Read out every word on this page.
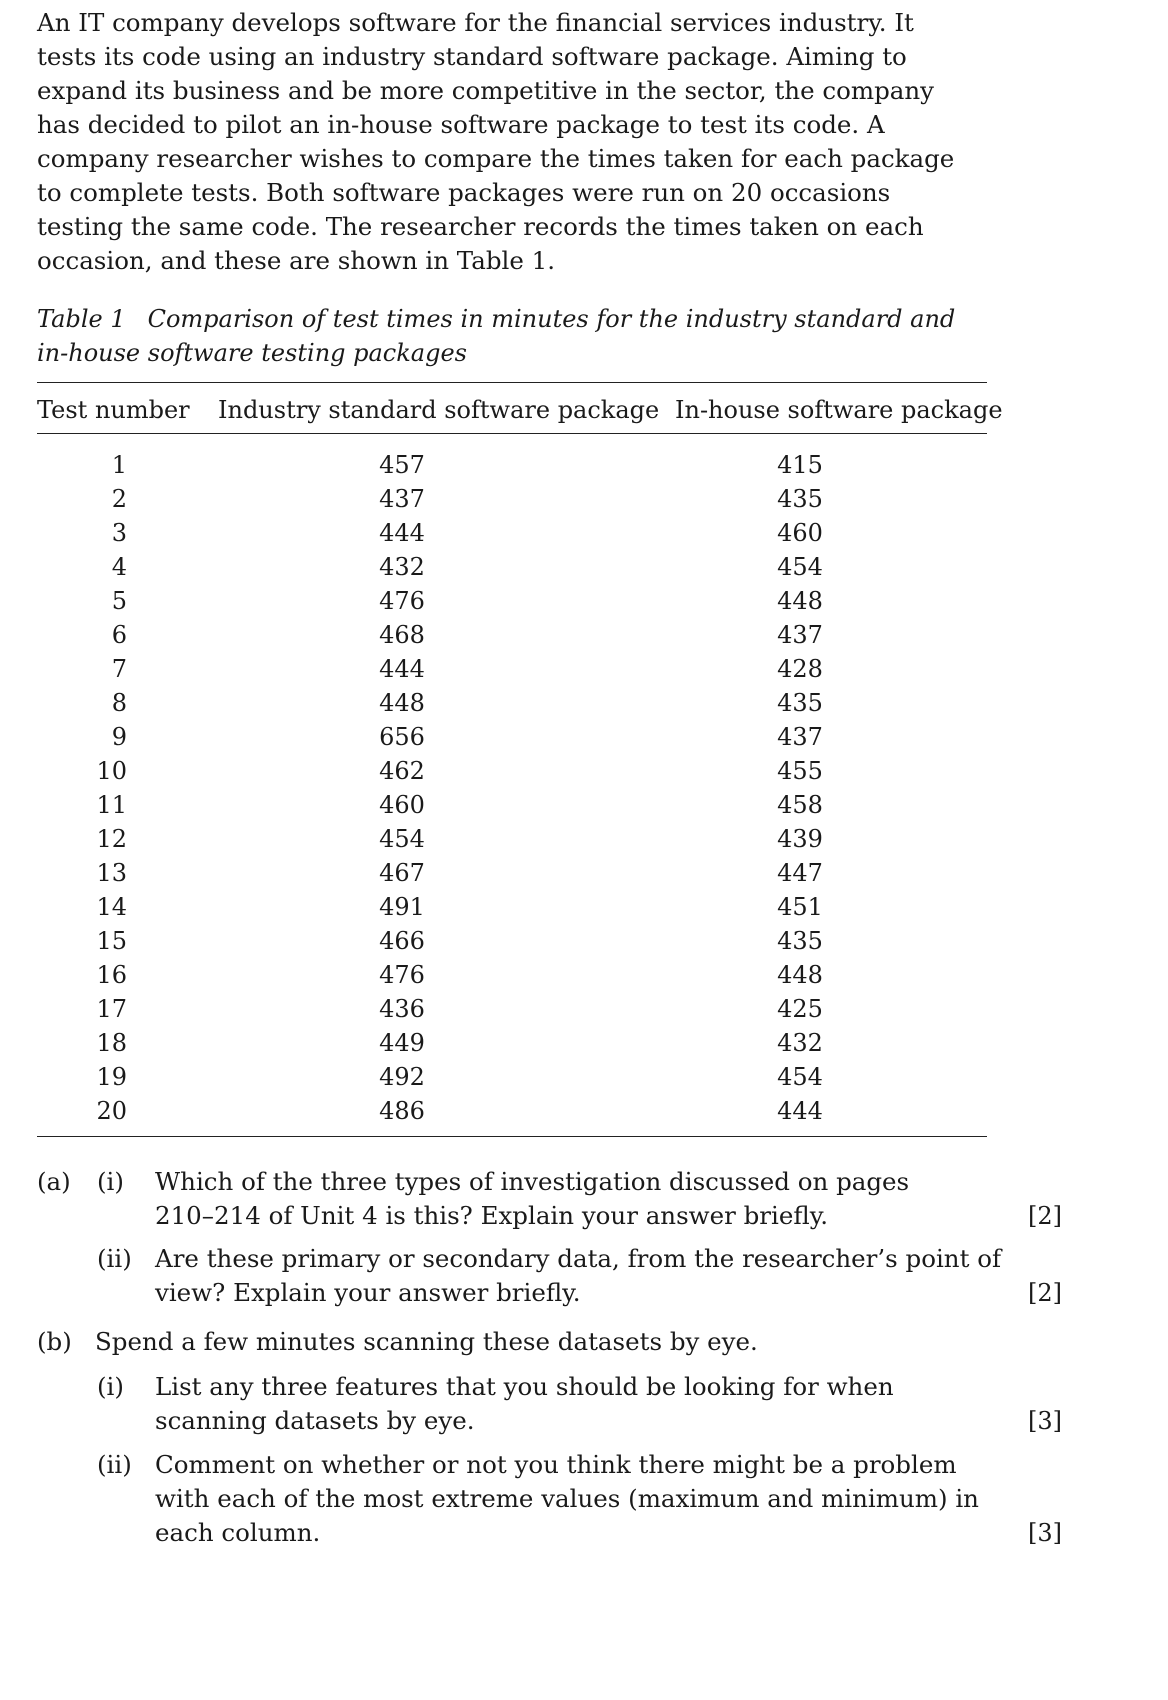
An IT company develops software for the financial services industry. It tests its code using an industry standard software package. Aiming to expand its business and be more competitive in the sector, the company has decided to pilot an in-house software package to test its code. A company researcher wishes to compare the times taken for each package to complete tests. Both software packages were run on 20 occasions testing the same code. The researcher records the times taken on each occasion, and these are shown in Table 1.

Table 1 Comparison of test times in minutes for the industry standard and in-house software testing packages

Test number Industry standard software package In-house software package
1	457	415
2	437	435
3	444	460
4	432	454
5	476	448
6	468	437
7	444	428
8	448	435
9	656	437
10	462	455
11	460	458
12	454	439
13	467	447
14	491	451
15	466	435
16	476	448
17	436	425
18	449	432
19	492	454
20	486	444
(a) (i) Which of the three types of investigation discussed on pages 210–214 of Unit 4 is this? Explain your answer briefly.	[2]
(ii) Are these primary or secondary data, from the researcher’s point of view? Explain your answer briefly.	[2]
(b) Spend a few minutes scanning these datasets by eye.
(i) List any three features that you should be looking for when scanning datasets by eye.	[3]
(ii) Comment on whether or not you think there might be a problem with each of the most extreme values (maximum and minimum) in each column.	[3]
